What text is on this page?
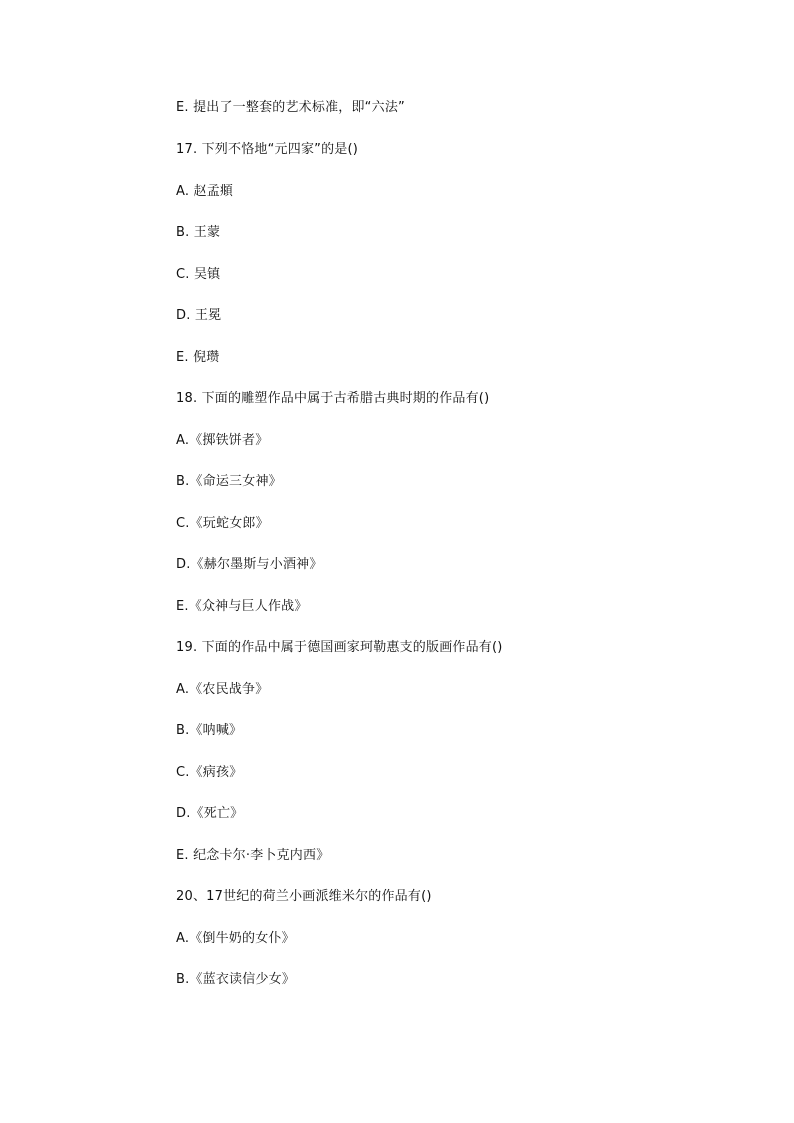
E. 提出了一整套的艺术标准，即“六法”
17. 下列不恪地“元四家”的是()
A. 赵孟頫
B. 王蒙
C. 吴镇
D. 王冕
E. 倪瓒
18. 下面的雕塑作品中属于古希腊古典时期的作品有()
A.《掷铁饼者》
B.《命运三女神》
C.《玩蛇女郎》
D.《赫尔墨斯与小酒神》
E.《众神与巨人作战》
19. 下面的作品中属于德国画家珂勒惠支的版画作品有()
A.《农民战争》
B.《呐喊》
C.《病孩》
D.《死亡》
E. 纪念卡尔·李卜克内西》
20、17世纪的荷兰小画派维米尔的作品有()
A.《倒牛奶的女仆》
B.《蓝衣读信少女》
